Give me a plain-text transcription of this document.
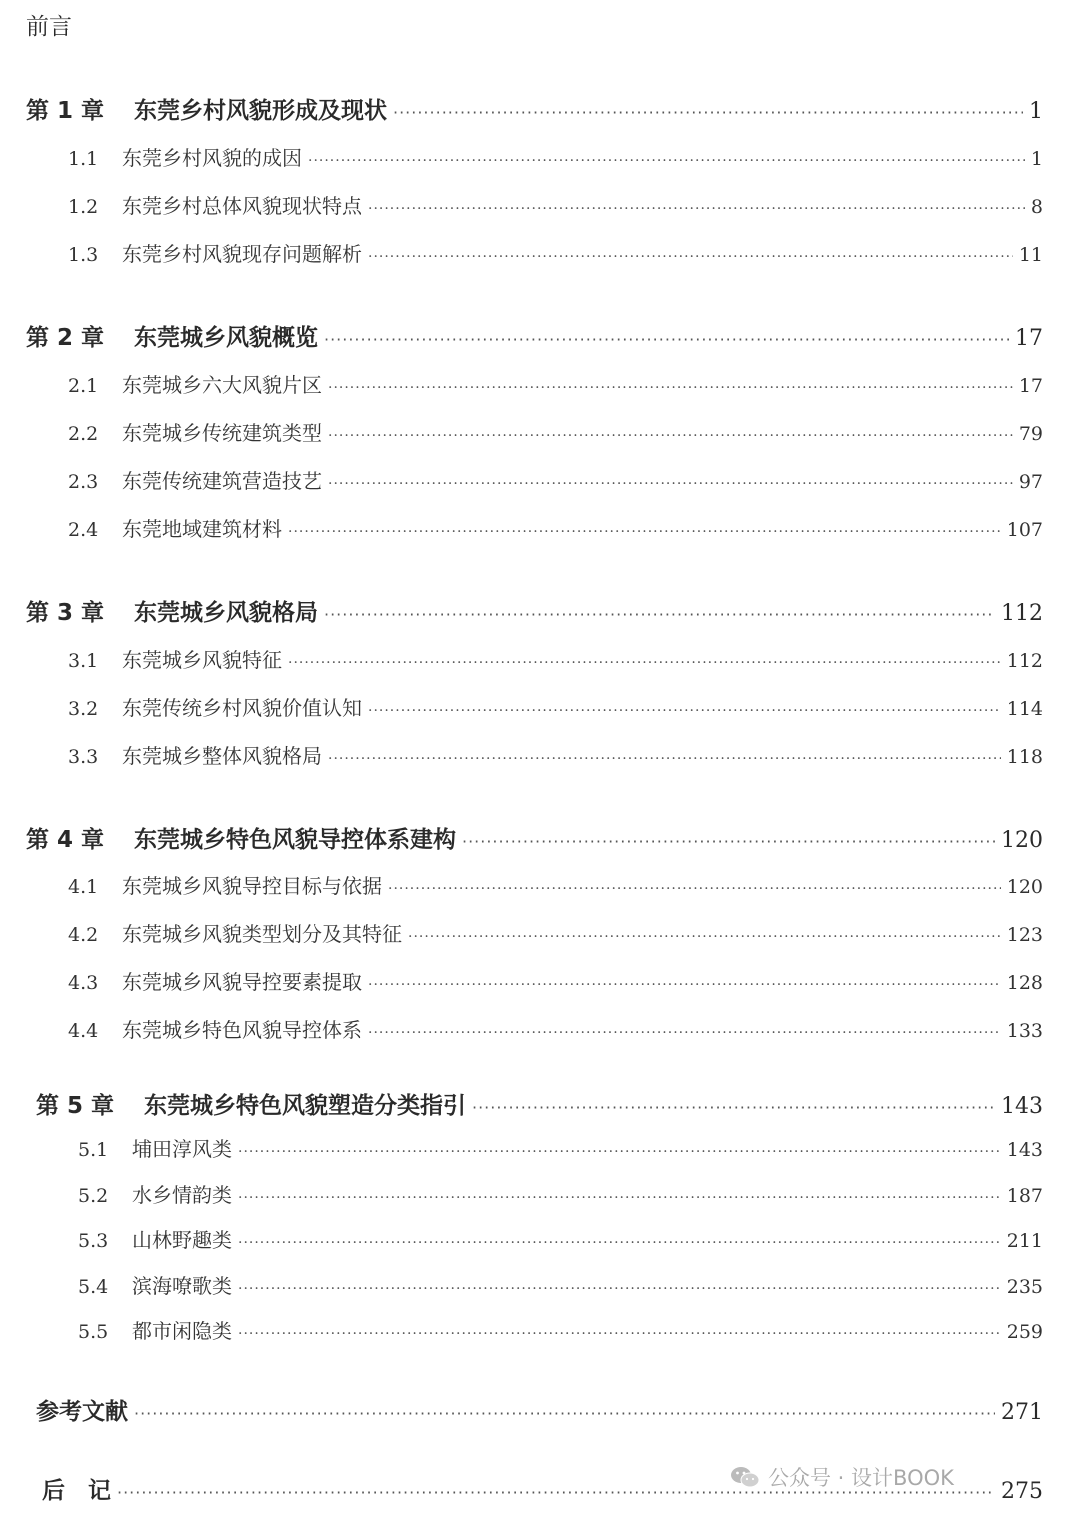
前言
第 1 章	东莞乡村风貌形成及现状 ·····	1
1.1	东莞乡村风貌的成因 ·····	1
1.2	东莞乡村总体风貌现状特点 ·····	8
1.3	东莞乡村风貌现存问题解析 ·····	11
第 2 章	东莞城乡风貌概览 ·····	17
2.1	东莞城乡六大风貌片区 ·····	17
2.2	东莞城乡传统建筑类型 ·····	79
2.3	东莞传统建筑营造技艺 ·····	97
2.4	东莞地域建筑材料 ·····	107
第 3 章	东莞城乡风貌格局 ·····	112
3.1	东莞城乡风貌特征 ·····	112
3.2	东莞传统乡村风貌价值认知 ·····	114
3.3	东莞城乡整体风貌格局 ·····	118
第 4 章	东莞城乡特色风貌导控体系建构 ·····	120
4.1	东莞城乡风貌导控目标与依据 ·····	120
4.2	东莞城乡风貌类型划分及其特征 ·····	123
4.3	东莞城乡风貌导控要素提取 ·····	128
4.4	东莞城乡特色风貌导控体系 ·····	133
第 5 章	东莞城乡特色风貌塑造分类指引 ·····	143
5.1	埔田淳风类 ·····	143
5.2	水乡情韵类 ·····	187
5.3	山林野趣类 ·····	211
5.4	滨海嘹歌类 ·····	235
5.5	都市闲隐类 ·····	259
参考文献 ·····	271
后　记 ·····	275
公众号 · 设计BOOK
